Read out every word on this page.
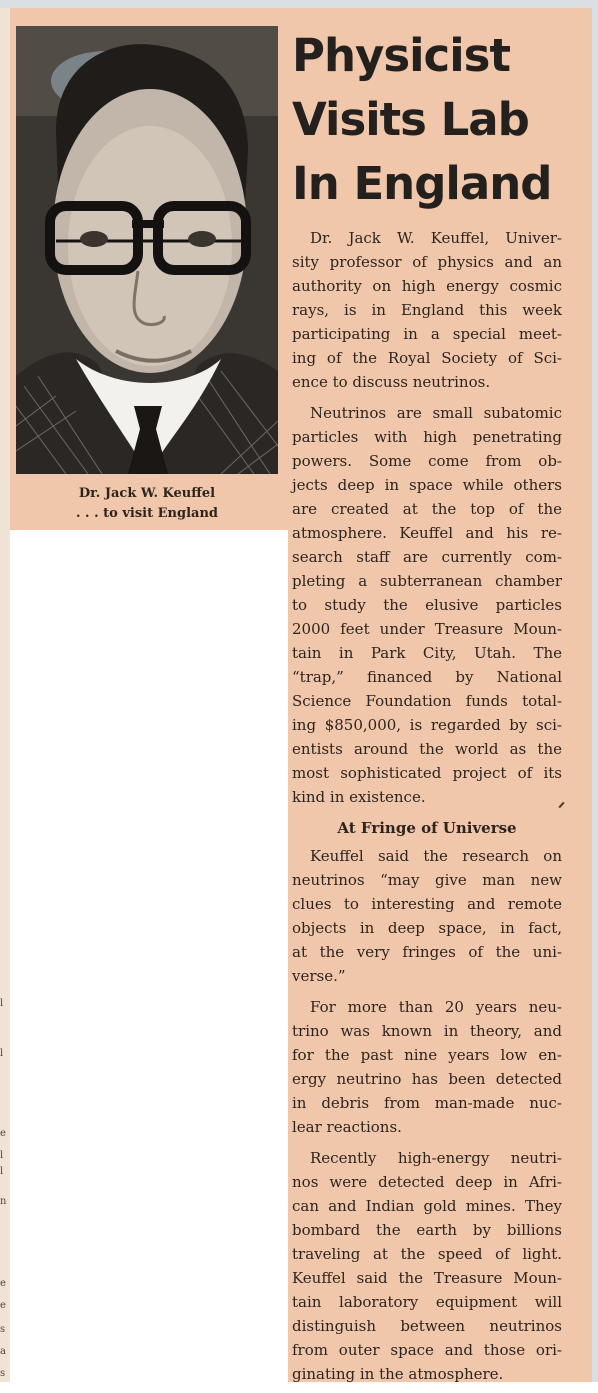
l
l
e
l
l
n
e
e
s
a
s
Dr. Jack W. Keuffel
. . . to visit England
Physicist
Visits Lab
In England
Dr. Jack W. Keuffel, Univer-
sity professor of physics and an
authority on high energy cosmic
rays, is in England this week
participating in a special meet-
ing of the Royal Society of Sci-
ence to discuss neutrinos.
Neutrinos are small subatomic
particles with high penetrating
powers. Some come from ob-
jects deep in space while others
are created at the top of the
atmosphere. Keuffel and his re-
search staff are currently com-
pleting a subterranean chamber
to study the elusive particles
2000 feet under Treasure Moun-
tain in Park City, Utah. The
“trap,” financed by National
Science Foundation funds total-
ing $850,000, is regarded by sci-
entists around the world as the
most sophisticated project of its
kind in existence.
At Fringe of Universe
Keuffel said the research on
neutrinos “may give man new
clues to interesting and remote
objects in deep space, in fact,
at the very fringes of the uni-
verse.”
For more than 20 years neu-
trino was known in theory, and
for the past nine years low en-
ergy neutrino has been detected
in debris from man-made nuc-
lear reactions.
Recently high-energy neutri-
nos were detected deep in Afri-
can and Indian gold mines. They
bombard the earth by billions
traveling at the speed of light.
Keuffel said the Treasure Moun-
tain laboratory equipment will
distinguish between neutrinos
from outer space and those ori-
ginating in the atmosphere.
